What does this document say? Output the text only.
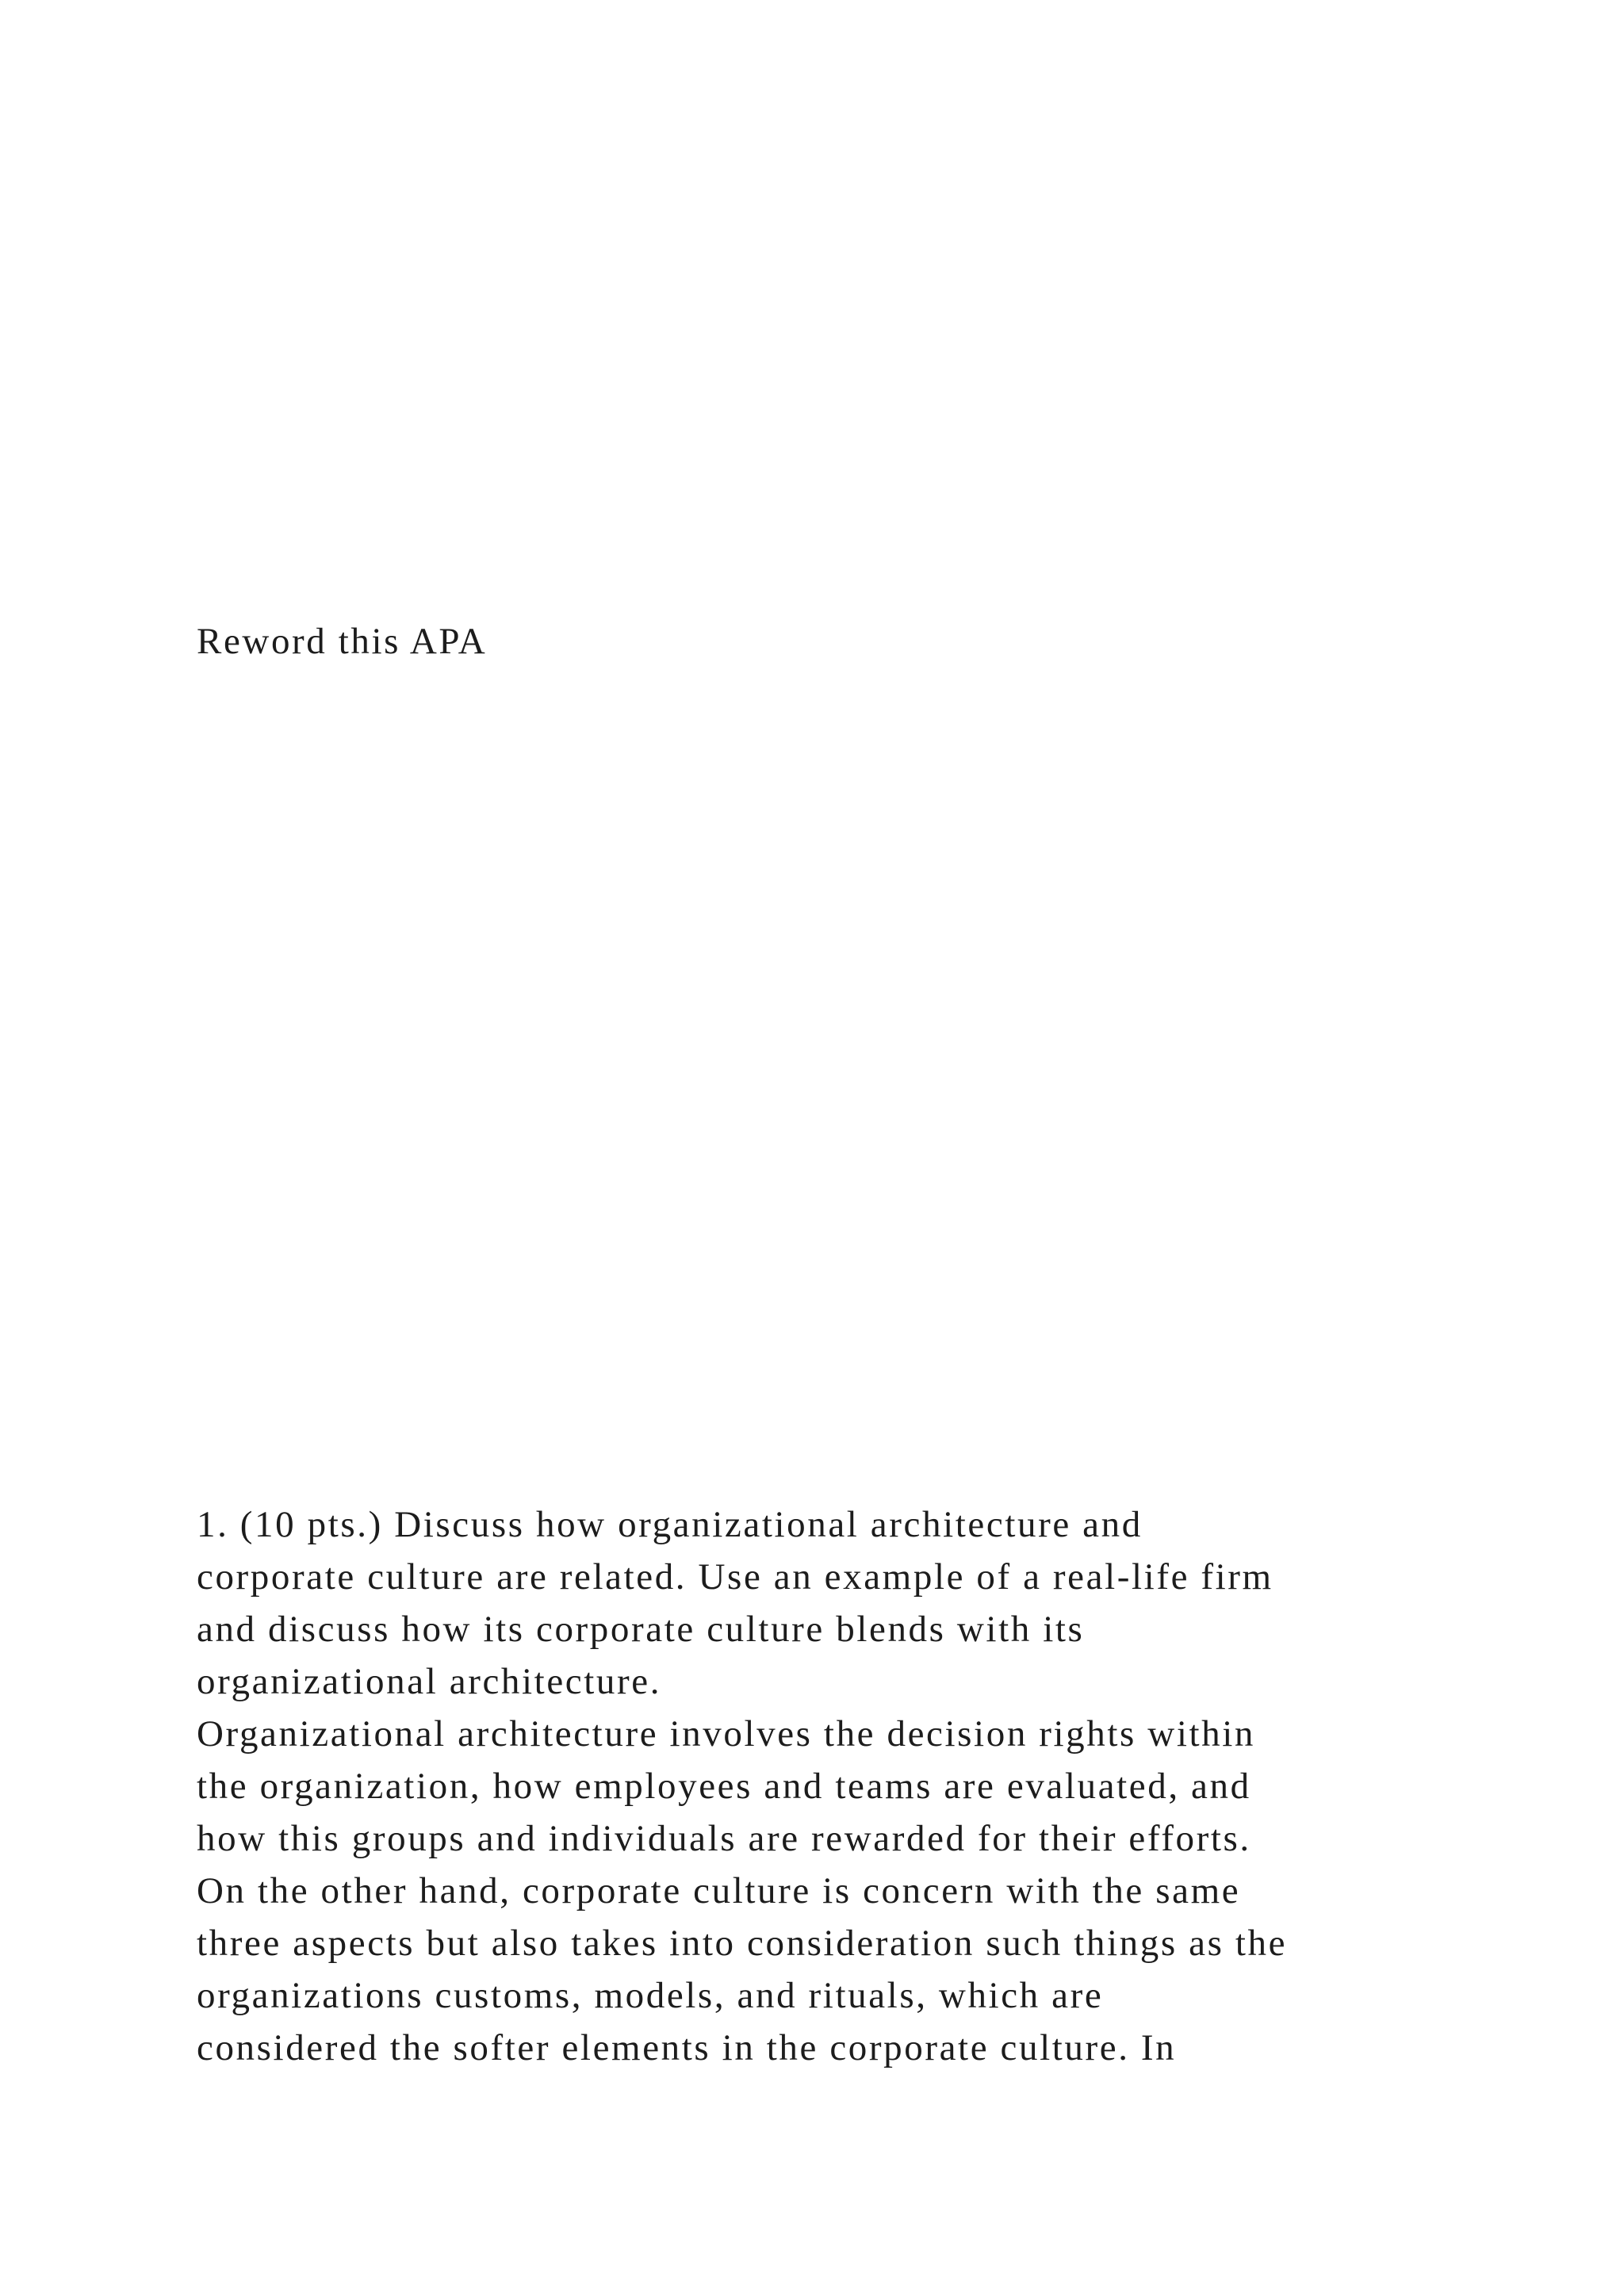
Reword this APA

1. (10 pts.) Discuss how organizational architecture and
corporate culture are related. Use an example of a real-life firm
and discuss how its corporate culture blends with its
organizational architecture.
Organizational architecture involves the decision rights within
the organization, how employees and teams are evaluated, and
how this groups and individuals are rewarded for their efforts.
On the other hand, corporate culture is concern with the same
three aspects but also takes into consideration such things as the
organizations customs, models, and rituals, which are
considered the softer elements in the corporate culture. In
